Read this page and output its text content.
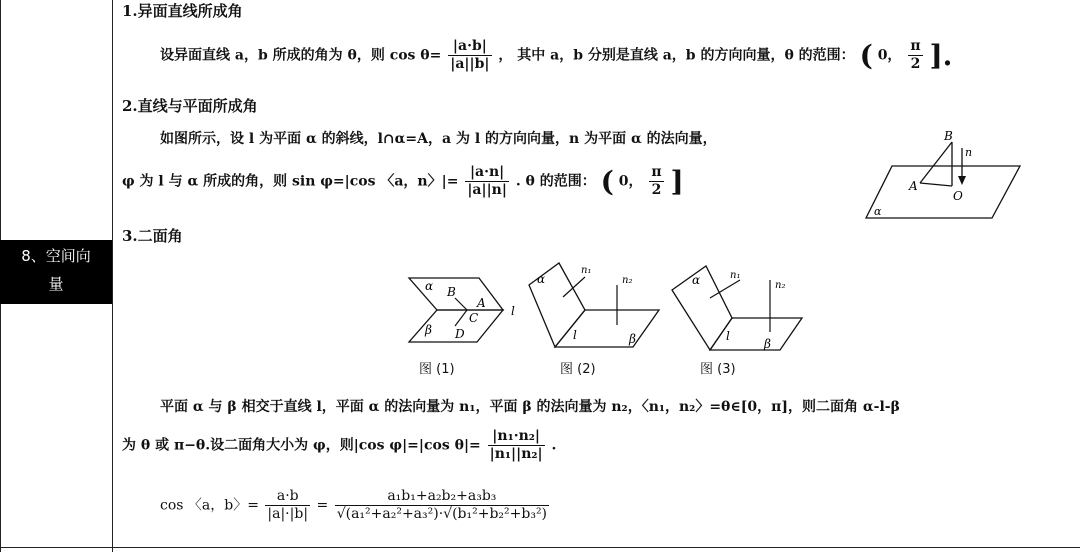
8、空间向
量
1.异面直线所成角
设异面直线 a，b 所成的角为 θ，则 $\cos \theta= \frac{|a\cdot b|}{|a||b|}$ ， 其中 a，b 分别是直线 a，b 的方向向量，θ 的范围： ( 0， $\frac{\pi}{2}$ ].
2.直线与平面所成角
如图所示，设 l 为平面 α 的斜线，l∩α=A，a 为 l 的方向向量，n 为平面 α 的法向量，
φ 为 l 与 α 所成的角，则 sin φ=|cos 〈a，n〉|= $\frac{|a\cdot n|}{|a||n|}$ . θ 的范围： ( 0， $\frac{\pi}{2}$ ]
B
n
A
O
α
3.二面角
α B
A
C
D
β
l
图 (1)
α
n₁
n₂
l	β
图 (2)
α	n₁
n₂
l
β
图 (3)
平面 α 与 β 相交于直线 l，平面 α 的法向量为 n₁，平面 β 的法向量为 n₂，〈n₁，n₂〉=θ∈[0，π]，则二面角 α-l-β
为 θ 或 π−θ.设二面角大小为 φ，则|cos φ|=|cos $\theta|= \frac{\text{|n₁·n₂|}}{\text{|n₁||n₂|}}$ .
cos 〈a，b〉= $\frac{a\cdot b}{|a|\cdot|b|} = \frac{\text{a₁b₁+a₂b₂+a₃b₃}}{\text{√(a₁²+a₂²+a₃²)·√(b₁²+b₂²+b₃²)}}$
